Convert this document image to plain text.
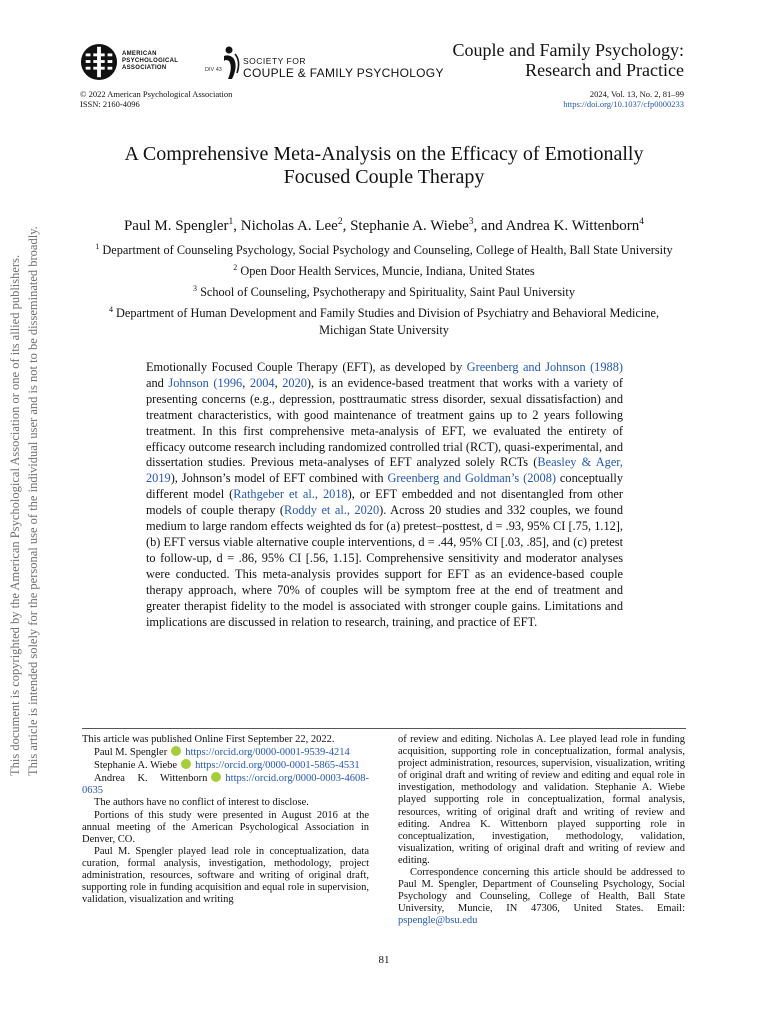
This document is copyrighted by the American Psychological Association or one of its allied publishers. This article is intended solely for the personal use of the individual user and is not to be disseminated broadly.
AMERICAN
PSYCHOLOGICAL
ASSOCIATION	DIV 43
SOCIETY FOR
COUPLE & FAMILY PSYCHOLOGY
Couple and Family Psychology:
Research and Practice
© 2022 American Psychological Association
ISSN: 2160-4096
2024, Vol. 13, No. 2, 81–99
https://doi.org/10.1037/cfp0000233
A Comprehensive Meta-Analysis on the Efficacy of Emotionally
Focused Couple Therapy
Paul M. Spengler$^1$, Nicholas A. Lee$^2$, Stephanie A. Wiebe$^3$, and Andrea K. Wittenborn$^4$

$^1$ Department of Counseling Psychology, Social Psychology and Counseling, College of Health, Ball State University

$^2$ Open Door Health Services, Muncie, Indiana, United States

$^3$ School of Counseling, Psychotherapy and Spirituality, Saint Paul University

$^4$ Department of Human Development and Family Studies and Division of Psychiatry and Behavioral Medicine, Michigan State University

Emotionally Focused Couple Therapy (EFT), as developed by Greenberg and Johnson (1988) and Johnson (1996, 2004, 2020), is an evidence-based treatment that works with a variety of presenting concerns (e.g., depression, posttraumatic stress disorder, sexual dissatisfaction) and treatment characteristics, with good maintenance of treatment gains up to 2 years following treatment. In this first comprehensive meta-analysis of EFT, we evaluated the entirety of efficacy outcome research including randomized controlled trial (RCT), quasi-experimental, and dissertation studies. Previous meta-analyses of EFT analyzed solely RCTs (Beasley & Ager, 2019), Johnson’s model of EFT combined with Greenberg and Goldman’s (2008) conceptually different model (Rathgeber et al., 2018), or EFT embedded and not disentangled from other models of couple therapy (Roddy et al., 2020). Across 20 studies and 332 couples, we found medium to large random effects weighted ds for (a) pretest–posttest, d = .93, 95% CI [.75, 1.12], (b) EFT versus viable alternative couple interventions, d = .44, 95% CI [.03, .85], and (c) pretest to follow-up, d = .86, 95% CI [.56, 1.15]. Comprehensive sensitivity and moderator analyses were conducted. This meta-analysis provides support for EFT as an evidence-based couple therapy approach, where 70% of couples will be symptom free at the end of treatment and greater therapist fidelity to the model is associated with stronger couple gains. Limitations and implications are discussed in relation to research, training, and practice of EFT.

This article was published Online First September 22, 2022.

Paul M. Spengler https://orcid.org/0000-0001-9539-4214

Stephanie A. Wiebe https://orcid.org/0000-0001-5865-4531

Andrea K. Wittenborn https://orcid.org/0000-0003-4608-0635

The authors have no conflict of interest to disclose.

Portions of this study were presented in August 2016 at the annual meeting of the American Psychological Association in Denver, CO.

Paul M. Spengler played lead role in conceptualization, data curation, formal analysis, investigation, methodology, project administration, resources, software and writing of original draft, supporting role in funding acquisition and equal role in supervision, validation, visualization and writing

of review and editing. Nicholas A. Lee played lead role in funding acquisition, supporting role in conceptualization, formal analysis, project administration, resources, supervision, visualization, writing of original draft and writing of review and editing and equal role in investigation, methodology and validation. Stephanie A. Wiebe played supporting role in conceptualization, formal analysis, resources, writing of original draft and writing of review and editing. Andrea K. Wittenborn played supporting role in conceptualization, investigation, methodology, validation, visualization, writing of original draft and writing of review and editing.

Correspondence concerning this article should be addressed to Paul M. Spengler, Department of Counseling Psychology, Social Psychology and Counseling, College of Health, Ball State University, Muncie, IN 47306, United States. Email: pspengle@bsu.edu

81
